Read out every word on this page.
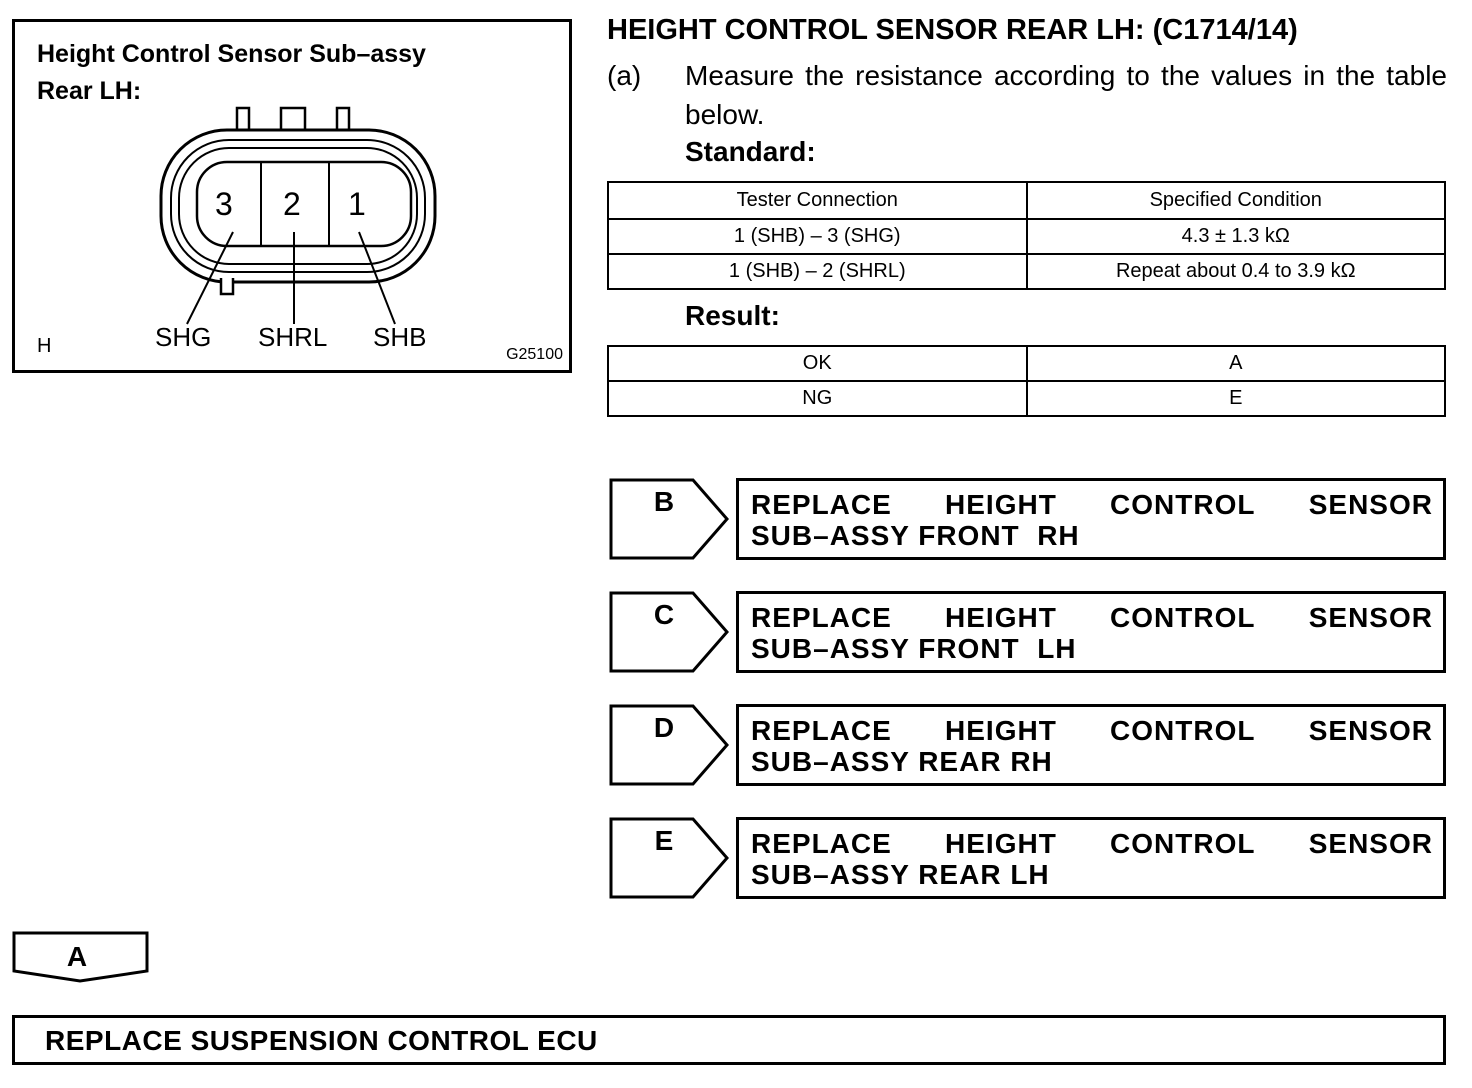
Height Control Sensor Sub–assy
Rear LH:
3 2 1
SHG SHRL SHB
H	G25100
HEIGHT CONTROL SENSOR REAR LH: (C1714/14)
(a) Measure the resistance according to the values in the table below.
Standard:
Tester Connection	Specified Condition
1 (SHB) – 3 (SHG)	4.3 ± 1.3 kΩ
1 (SHB) – 2 (SHRL)	Repeat about 0.4 to 3.9 kΩ
Result:
OK	A
NG	E
B	REPLACE HEIGHT CONTROL SENSOR
SUB–ASSY FRONT  RH
C	REPLACE HEIGHT CONTROL SENSOR
SUB–ASSY FRONT  LH
D	REPLACE HEIGHT CONTROL SENSOR
SUB–ASSY REAR RH
E	REPLACE HEIGHT CONTROL SENSOR
SUB–ASSY REAR LH
A
REPLACE SUSPENSION CONTROL ECU
